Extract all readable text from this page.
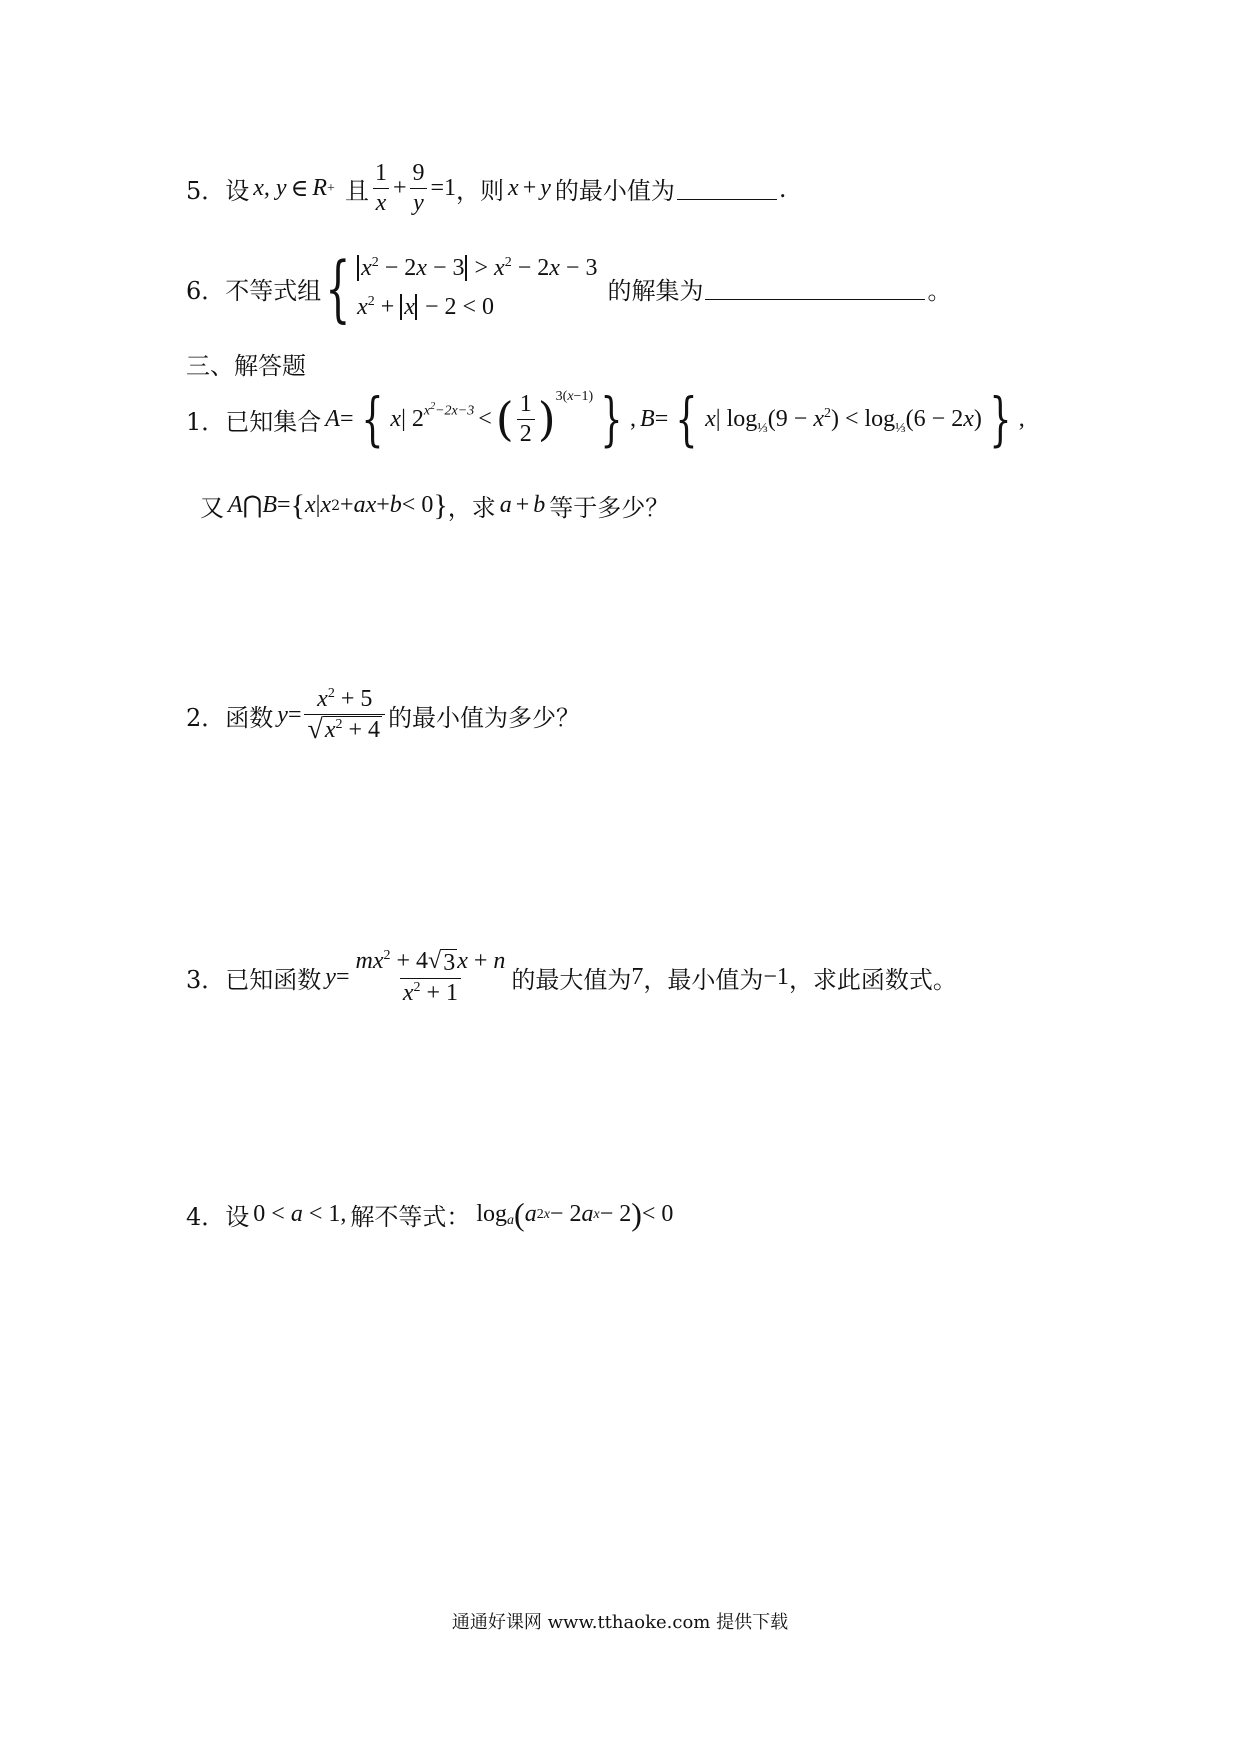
5． 设 x, y ∈ R + 且 $\frac{1}{x} + \frac{9}{y} =1$ ，则 x + y 的最小值为	.
6． 不等式组 { $x^2 - 2x - 3 > x^2 - 2x - 3$
$x^2 + x - 2 < 0$
的解集为	。
三、解答题
1． 已知集合 A = { x | $2^{x^2-2x-3}$ < ( $\frac{1}{2} )^{3(x-1)}$ } , B = { x | $\log_{\frac{1}{3}} (9 - x^2) < \log_{\frac{1}{3}} (6 - 2x)$ } ,
又 A ⋂ B = { x | x 2 + ax + b < 0 } ，求 a + b 等于多少？
2． 函数 $y = \frac{x^2 + 5}{√ x^2 + 4}$ 的最小值为多少？
3． 已知函数 $y = \frac{mx^2 + 4 √ 3 x + n}{x^2 + 1}$ 的最大值为 7 ，最小值为 −1 ，求此函数式。
4． 设 0 < a < 1, 解不等式： $\log_a$ ( a 2x − 2 a x − 2 ) < 0
通通好课网 www.tthaoke.com 提供下载
